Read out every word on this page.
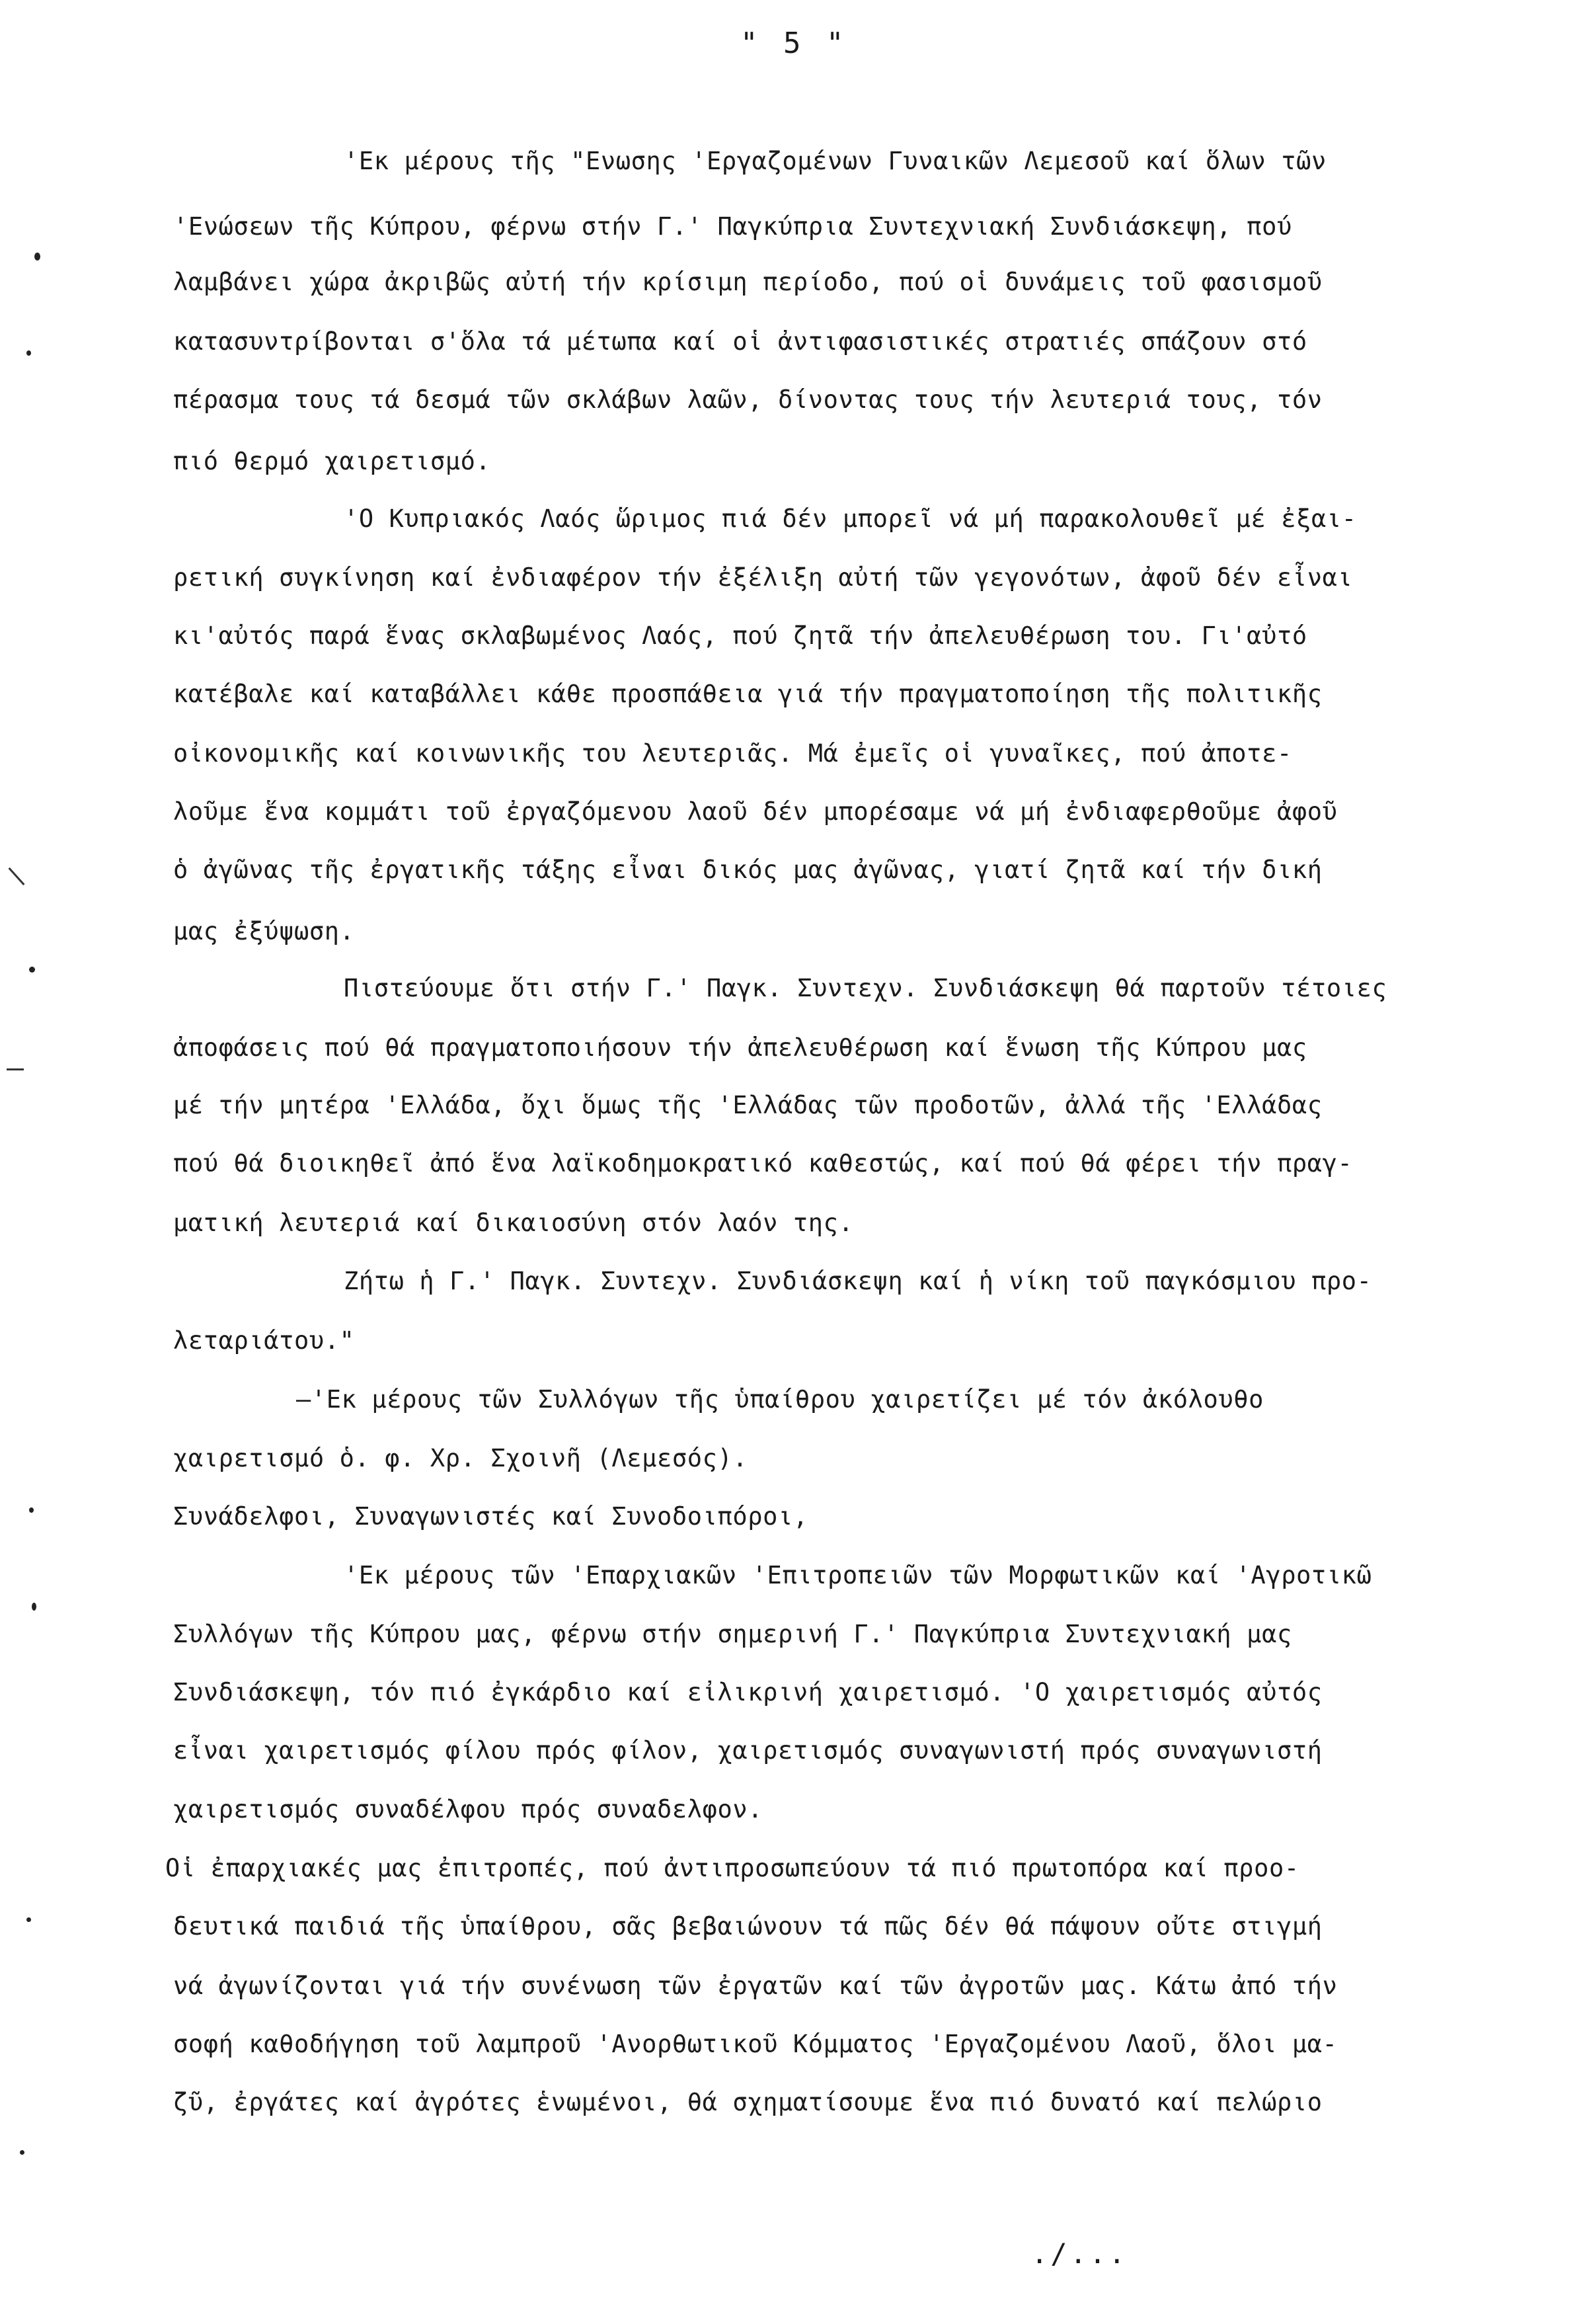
" 5 "
'Εκ μέρους τῆς "Ενωσης 'Εργαζομένων Γυναικῶν Λεμεσοῦ καί ὅλων τῶν
'Ενώσεων τῆς Κύπρου, φέρνω στήν Γ.' Παγκύπρια Συντεχνιακή Συνδιάσκεψη, πού
λαμβάνει χώρα ἀκριβῶς αὐτή τήν κρίσιμη περίοδο, πού οἱ δυνάμεις τοῦ φασισμοῦ
κατασυντρίβονται σ'ὅλα τά μέτωπα καί οἱ ἀντιφασιστικές στρατιές σπάζουν στό
πέρασμα τους τά δεσμά τῶν σκλάβων λαῶν, δίνοντας τους τήν λευτεριά τους, τόν
πιό θερμό χαιρετισμό.
'Ο Κυπριακός Λαός ὥριμος πιά δέν μπορεῖ νά μή παρακολουθεῖ μέ ἐξαι-
ρετική συγκίνηση καί ἐνδιαφέρον τήν ἐξέλιξη αὐτή τῶν γεγονότων, ἀφοῦ δέν εἶναι
κι'αὐτός παρά ἕνας σκλαβωμένος Λαός, πού ζητᾶ τήν ἀπελευθέρωση του. Γι'αὐτό
κατέβαλε καί καταβάλλει κάθε προσπάθεια γιά τήν πραγματοποίηση τῆς πολιτικῆς
οἰκονομικῆς καί κοινωνικῆς του λευτεριᾶς. Μά ἐμεῖς οἱ γυναῖκες, πού ἀποτε-
λοῦμε ἕνα κομμάτι τοῦ ἐργαζόμενου λαοῦ δέν μπορέσαμε νά μή ἐνδιαφερθοῦμε ἀφοῦ
ὁ ἀγῶνας τῆς ἐργατικῆς τάξης εἶναι δικός μας ἀγῶνας, γιατί ζητᾶ καί τήν δική
μας ἐξύψωση.
Πιστεύουμε ὅτι στήν Γ.' Παγκ. Συντεχν. Συνδιάσκεψη θά παρτοῦν τέτοιες
ἀποφάσεις πού θά πραγματοποιήσουν τήν ἀπελευθέρωση καί ἕνωση τῆς Κύπρου μας
μέ τήν μητέρα 'Ελλάδα, ὄχι ὅμως τῆς 'Ελλάδας τῶν προδοτῶν, ἀλλά τῆς 'Ελλάδας
πού θά διοικηθεῖ ἀπό ἕνα λαϊκοδημοκρατικό καθεστώς, καί πού θά φέρει τήν πραγ-
ματική λευτεριά καί δικαιοσύνη στόν λαόν της.
Ζήτω ἡ Γ.' Παγκ. Συντεχν. Συνδιάσκεψη καί ἡ νίκη τοῦ παγκόσμιου προ-
λεταριάτου."
—'Εκ μέρους τῶν Συλλόγων τῆς ὑπαίθρου χαιρετίζει μέ τόν ἀκόλουθο
χαιρετισμό ὁ. φ. Χρ. Σχοινῆ (Λεμεσός).
Συνάδελφοι, Συναγωνιστές καί Συνοδοιπόροι,
'Εκ μέρους τῶν 'Επαρχιακῶν 'Επιτροπειῶν τῶν Μορφωτικῶν καί 'Αγροτικῶ
Συλλόγων τῆς Κύπρου μας, φέρνω στήν σημερινή Γ.' Παγκύπρια Συντεχνιακή μας
Συνδιάσκεψη, τόν πιό ἐγκάρδιο καί εἰλικρινή χαιρετισμό. 'Ο χαιρετισμός αὐτός
εἶναι χαιρετισμός φίλου πρός φίλον, χαιρετισμός συναγωνιστή πρός συναγωνιστή
χαιρετισμός συναδέλφου πρός συναδελφον.
Οἱ ἐπαρχιακές μας ἐπιτροπές, πού ἀντιπροσωπεύουν τά πιό πρωτοπόρα καί προο-
δευτικά παιδιά τῆς ὑπαίθρου, σᾶς βεβαιώνουν τά πῶς δέν θά πάψουν οὔτε στιγμή
νά ἀγωνίζονται γιά τήν συνένωση τῶν ἐργατῶν καί τῶν ἀγροτῶν μας. Κάτω ἀπό τήν
σοφή καθοδήγηση τοῦ λαμπροῦ 'Ανορθωτικοῦ Κόμματος 'Εργαζομένου Λαοῦ, ὅλοι μα-
ζῦ, ἐργάτες καί ἀγρότες ἑνωμένοι, θά σχηματίσουμε ἕνα πιό δυνατό καί πελώριο
./...
